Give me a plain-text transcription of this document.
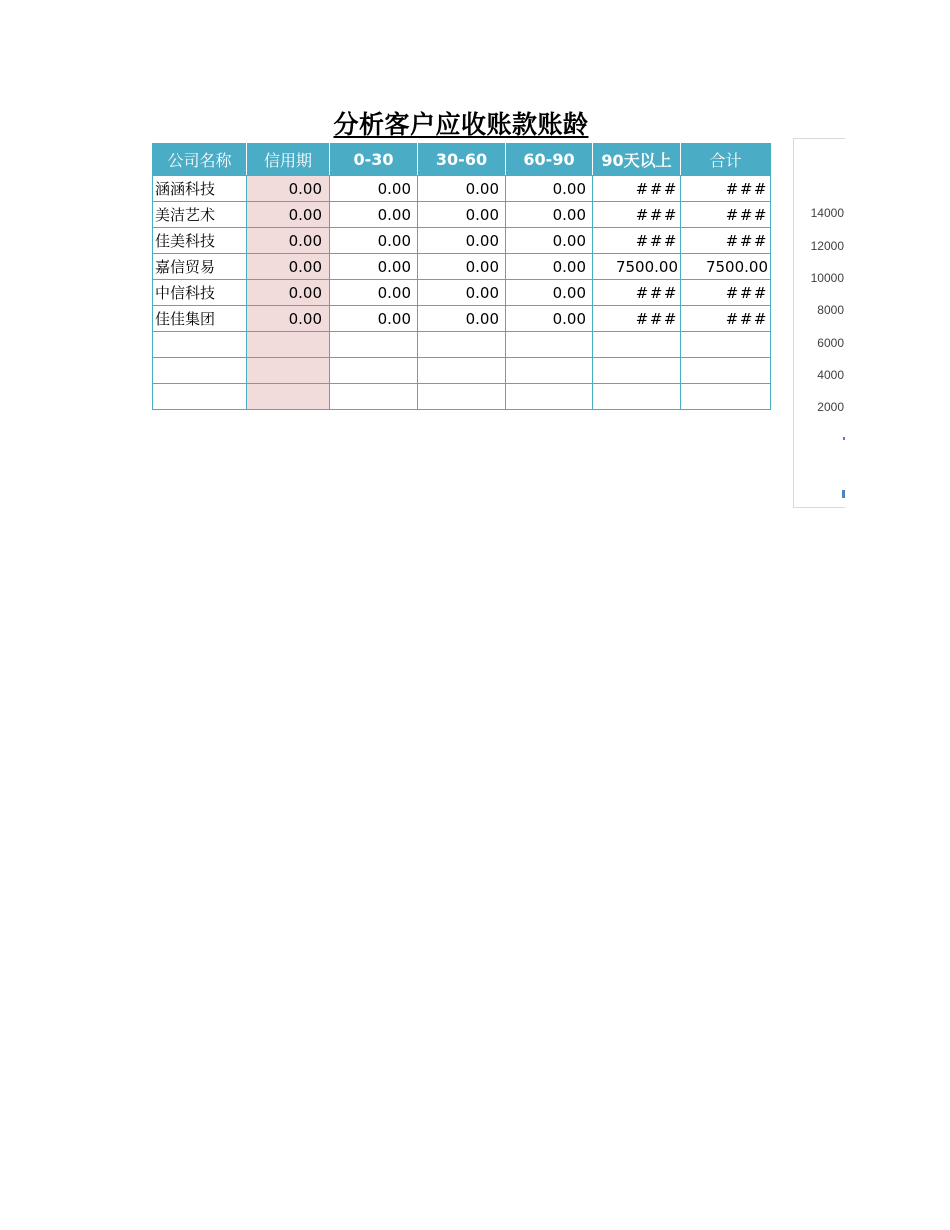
分析客户应收账款账龄
公司名称	信用期	0-30	30-60	60-90	90天以上	合计
涵涵科技	0.00	0.00	0.00	0.00	###	###
美洁艺术	0.00	0.00	0.00	0.00	###	###
佳美科技	0.00	0.00	0.00	0.00	###	###
嘉信贸易	0.00	0.00	0.00	0.00	7500.00	7500.00
中信科技	0.00	0.00	0.00	0.00	###	###
佳佳集团	0.00	0.00	0.00	0.00	###	###

14000
12000
10000
8000
6000
4000
2000
